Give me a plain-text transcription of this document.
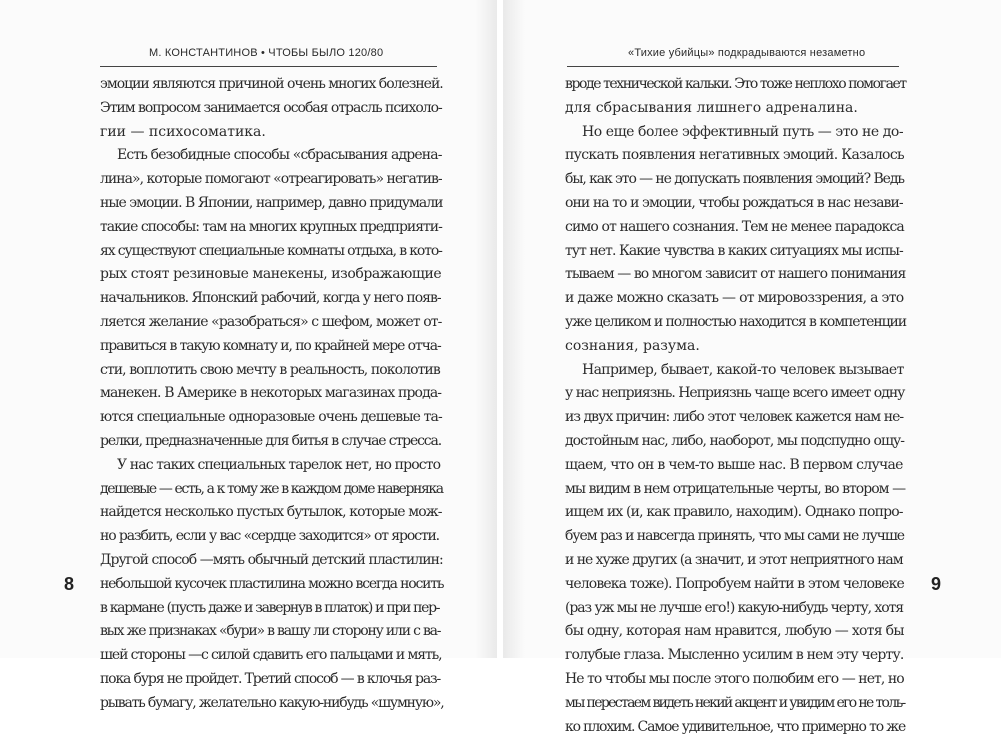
М. КОНСТАНТИНОВ • ЧТОБЫ БЫЛО 120/80
эмоции являются причиной очень многих болезней.
Этим вопросом занимается особая отрасль психоло-
гии — психосоматика.
Есть безобидные способы «сбрасывания адрена-
лина», которые помогают «отреагировать» негатив-
ные эмоции. В Японии, например, давно придумали
такие способы: там на многих крупных предприяти-
ях существуют специальные комнаты отдыха, в кото-
рых стоят резиновые манекены, изображающие
начальников. Японский рабочий, когда у него появ-
ляется желание «разобраться» с шефом, может от-
правиться в такую комнату и, по крайней мере отча-
сти, воплотить свою мечту в реальность, поколотив
манекен. В Америке в некоторых магазинах прода-
ются специальные одноразовые очень дешевые та-
релки, предназначенные для битья в случае стресса.
У нас таких специальных тарелок нет, но просто
дешевые — есть, а к тому же в каждом доме наверняка
найдется несколько пустых бутылок, которые мож-
но разбить, если у вас «сердце заходится» от ярости.
Другой способ —мять обычный детский пластилин:
небольшой кусочек пластилина можно всегда носить
в кармане (пусть даже и завернув в платок) и при пер-
вых же признаках «бури» в вашу ли сторону или с ва-
шей стороны —с силой сдавить его пальцами и мять,
пока буря не пройдет. Третий способ — в клочья раз-
рывать бумагу, желательно какую-нибудь «шумную»,
8
«Тихие убийцы» подкрадываются незаметно
вроде технической кальки. Это тоже неплохо помогает
для сбрасывания лишнего адреналина.
Но еще более эффективный путь — это не до-
пускать появления негативных эмоций. Казалось
бы, как это — не допускать появления эмоций? Ведь
они на то и эмоции, чтобы рождаться в нас незави-
симо от нашего сознания. Тем не менее парадокса
тут нет. Какие чувства в каких ситуациях мы испы-
тываем — во многом зависит от нашего понимания
и даже можно сказать — от мировоззрения, а это
уже целиком и полностью находится в компетенции
сознания, разума.
Например, бывает, какой-то человек вызывает
у нас неприязнь. Неприязнь чаще всего имеет одну
из двух причин: либо этот человек кажется нам не-
достойным нас, либо, наоборот, мы подспудно ощу-
щаем, что он в чем-то выше нас. В первом случае
мы видим в нем отрицательные черты, во втором —
ищем их (и, как правило, находим). Однако попро-
буем раз и навсегда принять, что мы сами не лучше
и не хуже других (а значит, и этот неприятного нам
человека тоже). Попробуем найти в этом человеке
(раз уж мы не лучше его!) какую-нибудь черту, хотя
бы одну, которая нам нравится, любую — хотя бы
голубые глаза. Мысленно усилим в нем эту черту.
Не то чтобы мы после этого полюбим его — нет, но
мы перестаем видеть некий акцент и увидим его не толь-
ко плохим. Самое удивительное, что примерно то же
9
